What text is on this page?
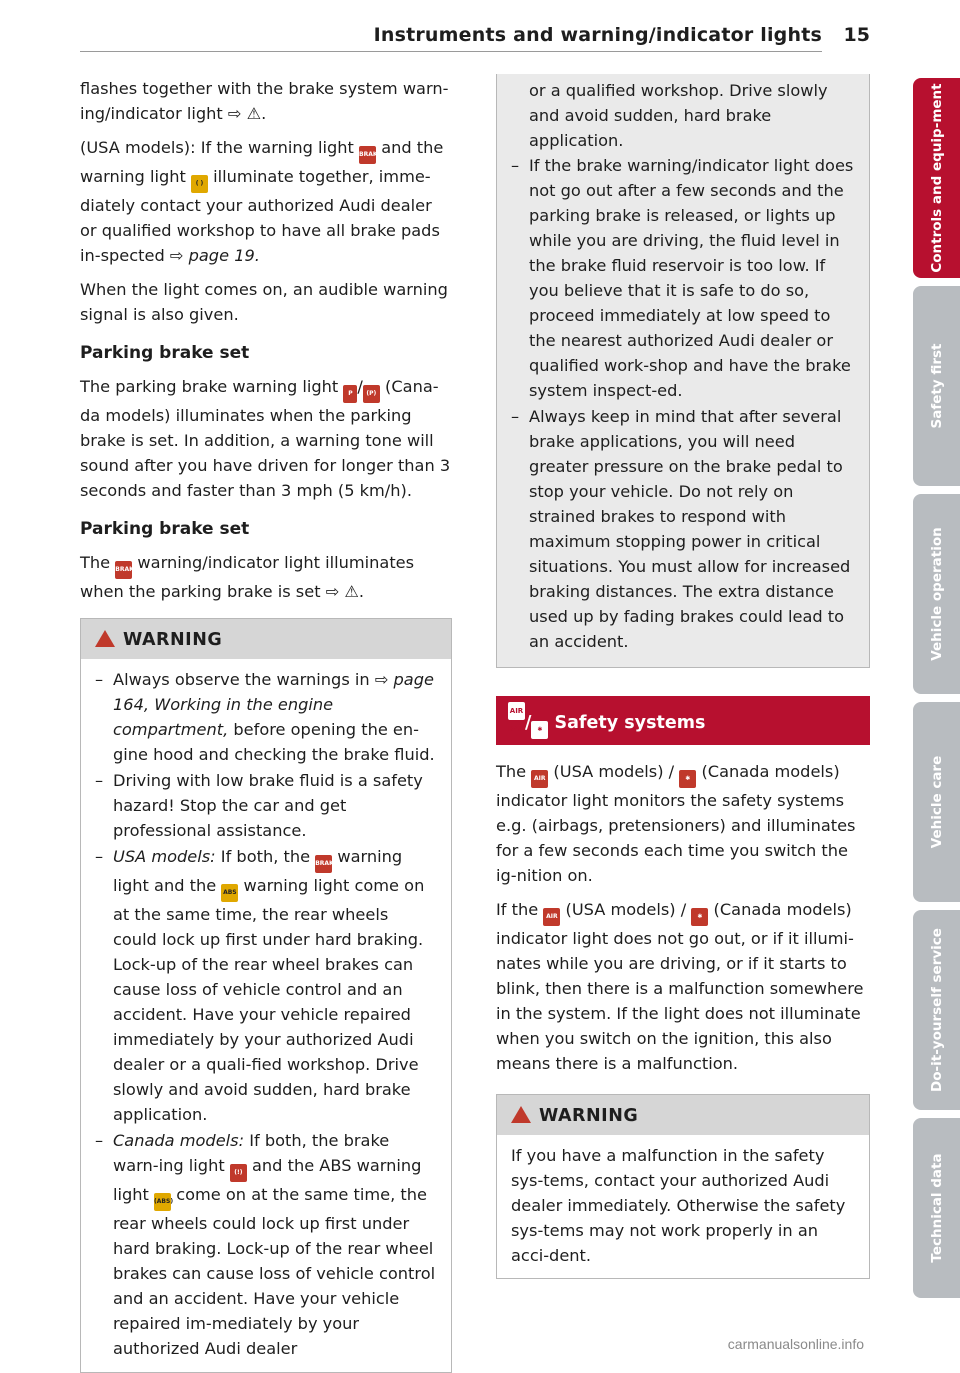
Instruments and warning/indicator lights 15

flashes together with the brake system warn-ing/indicator light ⇨ ⚠.

(USA models): If the warning light BRAKE and the warning light ( ) illuminate together, imme-diately contact your authorized Audi dealer or qualified workshop to have all brake pads in-spected ⇨ page 19.

When the light comes on, an audible warning signal is also given.

Parking brake set

The parking brake warning light P / (P) (Cana-da models) illuminates when the parking brake is set. In addition, a warning tone will sound after you have driven for longer than 3 seconds and faster than 3 mph (5 km/h).

Parking brake set

The BRAKE warning/indicator light illuminates when the parking brake is set ⇨ ⚠.

WARNING
– Always observe the warnings in ⇨ page 164, Working in the engine compartment, before opening the en-gine hood and checking the brake fluid.
– Driving with low brake fluid is a safety hazard! Stop the car and get professional assistance.
– USA models: If both, the BRAKE warning light and the ABS warning light come on at the same time, the rear wheels could lock up first under hard braking. Lock-up of the rear wheel brakes can cause loss of vehicle control and an accident. Have your vehicle repaired immediately by your authorized Audi dealer or a quali-fied workshop. Drive slowly and avoid sudden, hard brake application.
– Canada models: If both, the brake warn-ing light (!) and the ABS warning light (ABS) come on at the same time, the rear wheels could lock up first under hard braking. Lock-up of the rear wheel brakes can cause loss of vehicle control and an accident. Have your vehicle repaired im-mediately by your authorized Audi dealer
or a qualified workshop. Drive slowly and avoid sudden, hard brake application.
– If the brake warning/indicator light does not go out after a few seconds and the parking brake is released, or lights up while you are driving, the fluid level in the brake fluid reservoir is too low. If you believe that it is safe to do so, proceed immediately at low speed to the nearest authorized Audi dealer or qualified work-shop and have the brake system inspect-ed.
– Always keep in mind that after several brake applications, you will need greater pressure on the brake pedal to stop your vehicle. Do not rely on strained brakes to respond with maximum stopping power in critical situations. You must allow for increased braking distances. The extra distance used up by fading brakes could lead to an accident.
AIR BAG/ ✱ Safety systems

The AIR (USA models) / ✱ (Canada models) indicator light monitors the safety systems e.g. (airbags, pretensioners) and illuminates for a few seconds each time you switch the ig-nition on.

If the AIR (USA models) / ✱ (Canada models) indicator light does not go out, or if it illumi-nates while you are driving, or if it starts to blink, then there is a malfunction somewhere in the system. If the light does not illuminate when you switch on the ignition, this also means there is a malfunction.

WARNING
If you have a malfunction in the safety sys-tems, contact your authorized Audi dealer immediately. Otherwise the safety sys-tems may not work properly in an acci-dent.
Controls and equip-ment
Safety first
Vehicle operation
Vehicle care
Do-it-yourself service
Technical data
carmanualsonline.info
